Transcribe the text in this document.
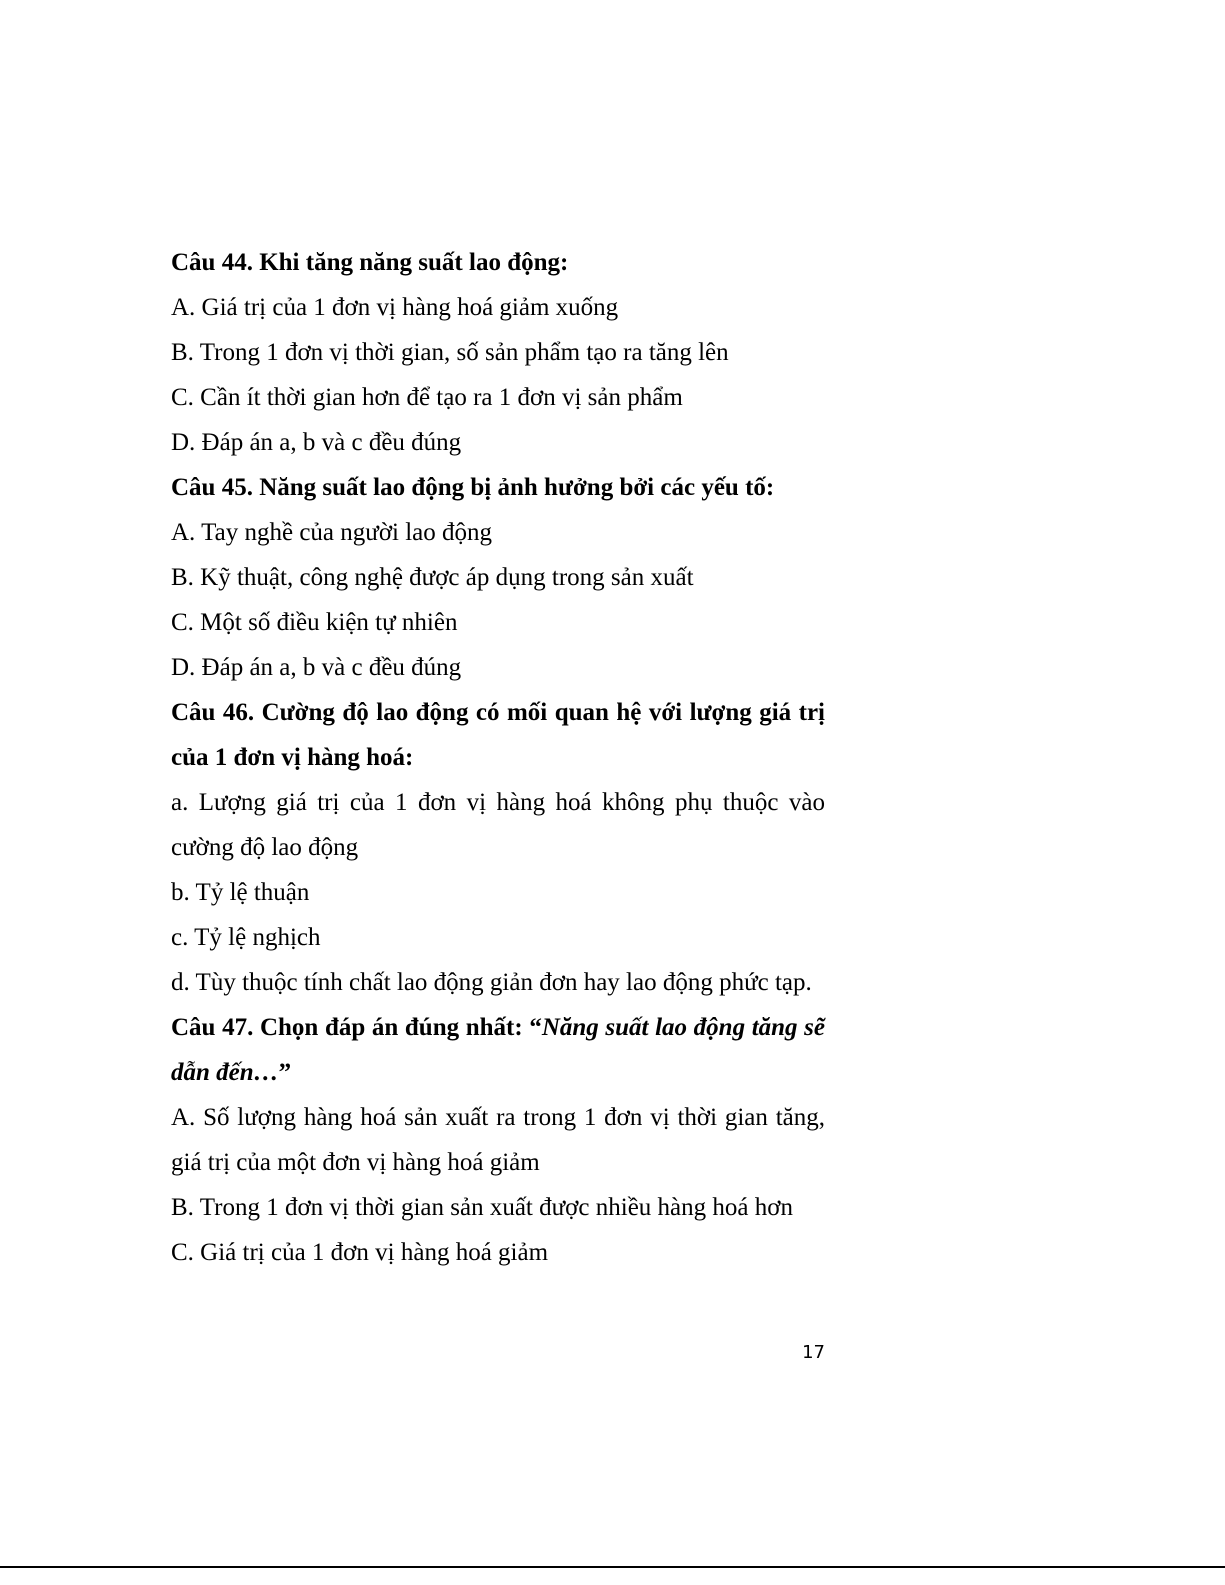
Câu 44. Khi tăng năng suất lao động:

A. Giá trị của 1 đơn vị hàng hoá giảm xuống

B. Trong 1 đơn vị thời gian, số sản phẩm tạo ra tăng lên

C. Cần ít thời gian hơn để tạo ra 1 đơn vị sản phẩm

D. Đáp án a, b và c đều đúng

Câu 45. Năng suất lao động bị ảnh hưởng bởi các yếu tố:

A. Tay nghề của người lao động

B. Kỹ thuật, công nghệ được áp dụng trong sản xuất

C. Một số điều kiện tự nhiên

D. Đáp án a, b và c đều đúng

Câu 46. Cường độ lao động có mối quan hệ với lượng giá trị của 1 đơn vị hàng hoá:

a. Lượng giá trị của 1 đơn vị hàng hoá không phụ thuộc vào cường độ lao động

b. Tỷ lệ thuận

c. Tỷ lệ nghịch

d. Tùy thuộc tính chất lao động giản đơn hay lao động phức tạp.

Câu 47. Chọn đáp án đúng nhất: “Năng suất lao động tăng sẽ dẫn đến…”

A. Số lượng hàng hoá sản xuất ra trong 1 đơn vị thời gian tăng, giá trị của một đơn vị hàng hoá giảm

B. Trong 1 đơn vị thời gian sản xuất được nhiều hàng hoá hơn

C. Giá trị của 1 đơn vị hàng hoá giảm

17
